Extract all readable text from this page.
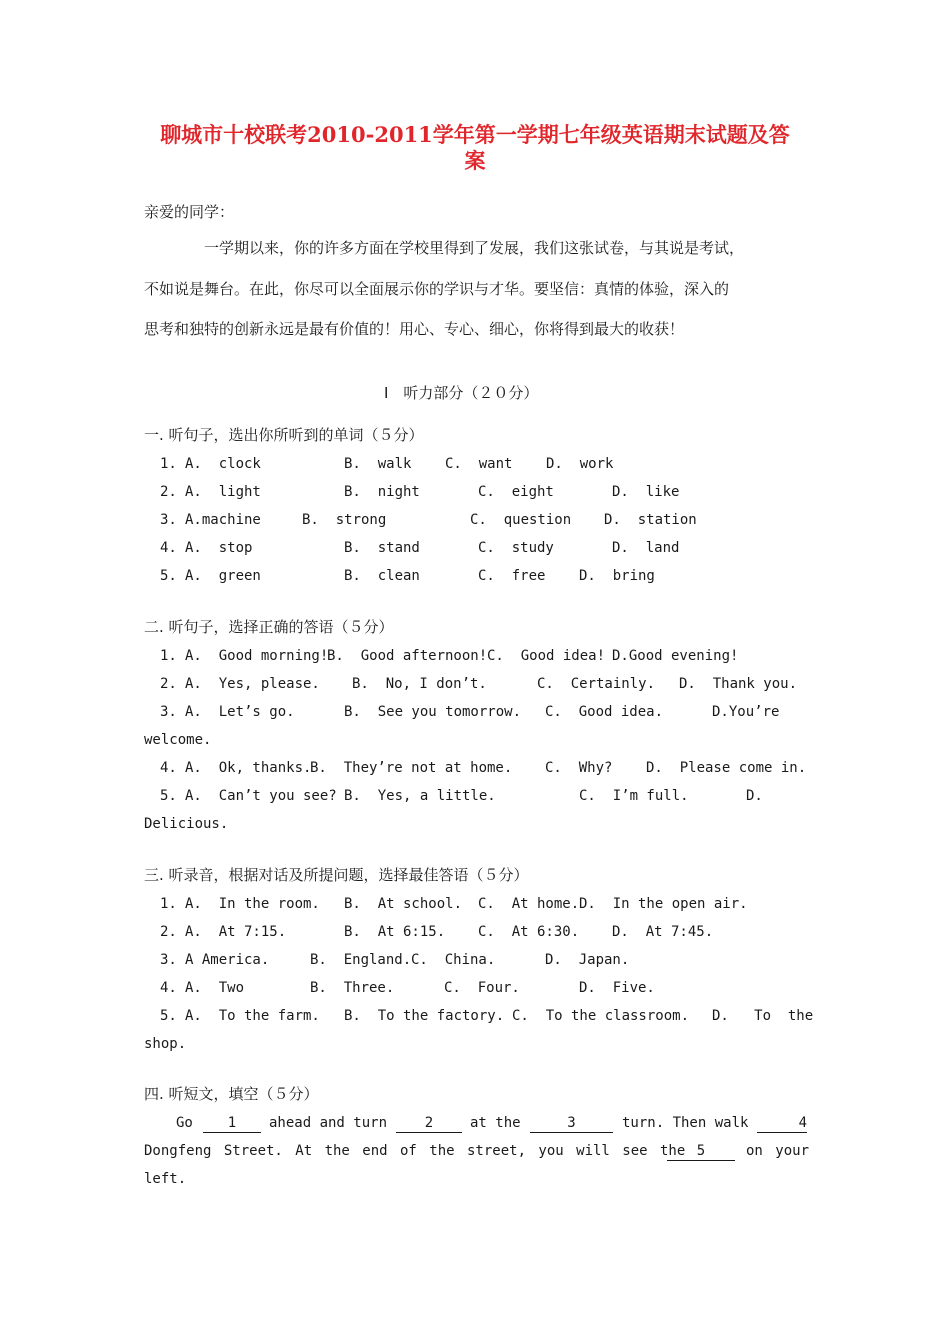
聊城市十校联考2010-2011学年第一学期七年级英语期末试题及答
案
亲爱的同学：
一学期以来，你的许多方面在学校里得到了发展，我们这张试卷，与其说是考试，
不如说是舞台。在此，你尽可以全面展示你的学识与才华。要坚信：真情的体验，深入的
思考和独特的创新永远是最有价值的！用心、专心、细心，你将得到最大的收获！
I　听力部分（２０分）
一. 听句子，选出你所听到的单词（５分）
1. A.  clock	B.  walk C.  want D.  work
2. A.  light	B.  night	C.  eight	D.  like
3. A.machine	B.  strong	C.  question D.  station
4. A.  stop	B.  stand	C.  study	D.  land
5. A.  green	B.  clean	C.  free D.  bring
二. 听句子，选择正确的答语（５分）
1. A.  Good morning!
B.  Good afternoon! C.  Good idea! D.Good evening!
2. A.  Yes, please. B.  No, I don’t.	C.  Certainly. D.  Thank you.
3. A.  Let’s go.	B.  See you tomorrow. C.  Good idea.	D.You’re
welcome.
4. A.  Ok, thanks.
B.  They’re not at home. C.  Why? D.  Please come in.
5. A.  Can’t you see? B.  Yes, a little.	C.  I’m full.	D.
Delicious.
三. 听录音，根据对话及所提问题，选择最佳答语（５分）
1. A.  In the room. B.  At school. C.  At home. D.  In the open air.
2. A.  At 7:15.	B.  At 6:15. C.  At 6:30. D.  At 7:45.
3. A America.	B.  England. C.  China.	D.  Japan.
4. A.  Two	B.  Three.	C.  Four.	D.  Five.
5. A.  To the farm. B.  To the factory. C.  To the classroom. D.   To  the
shop.
四. 听短文，填空（５分）
Go	1	ahead and turn	2	at the	3	turn. Then walk	4
Dongfeng Street. At the end of the street, you will see the 5	on your
left.
